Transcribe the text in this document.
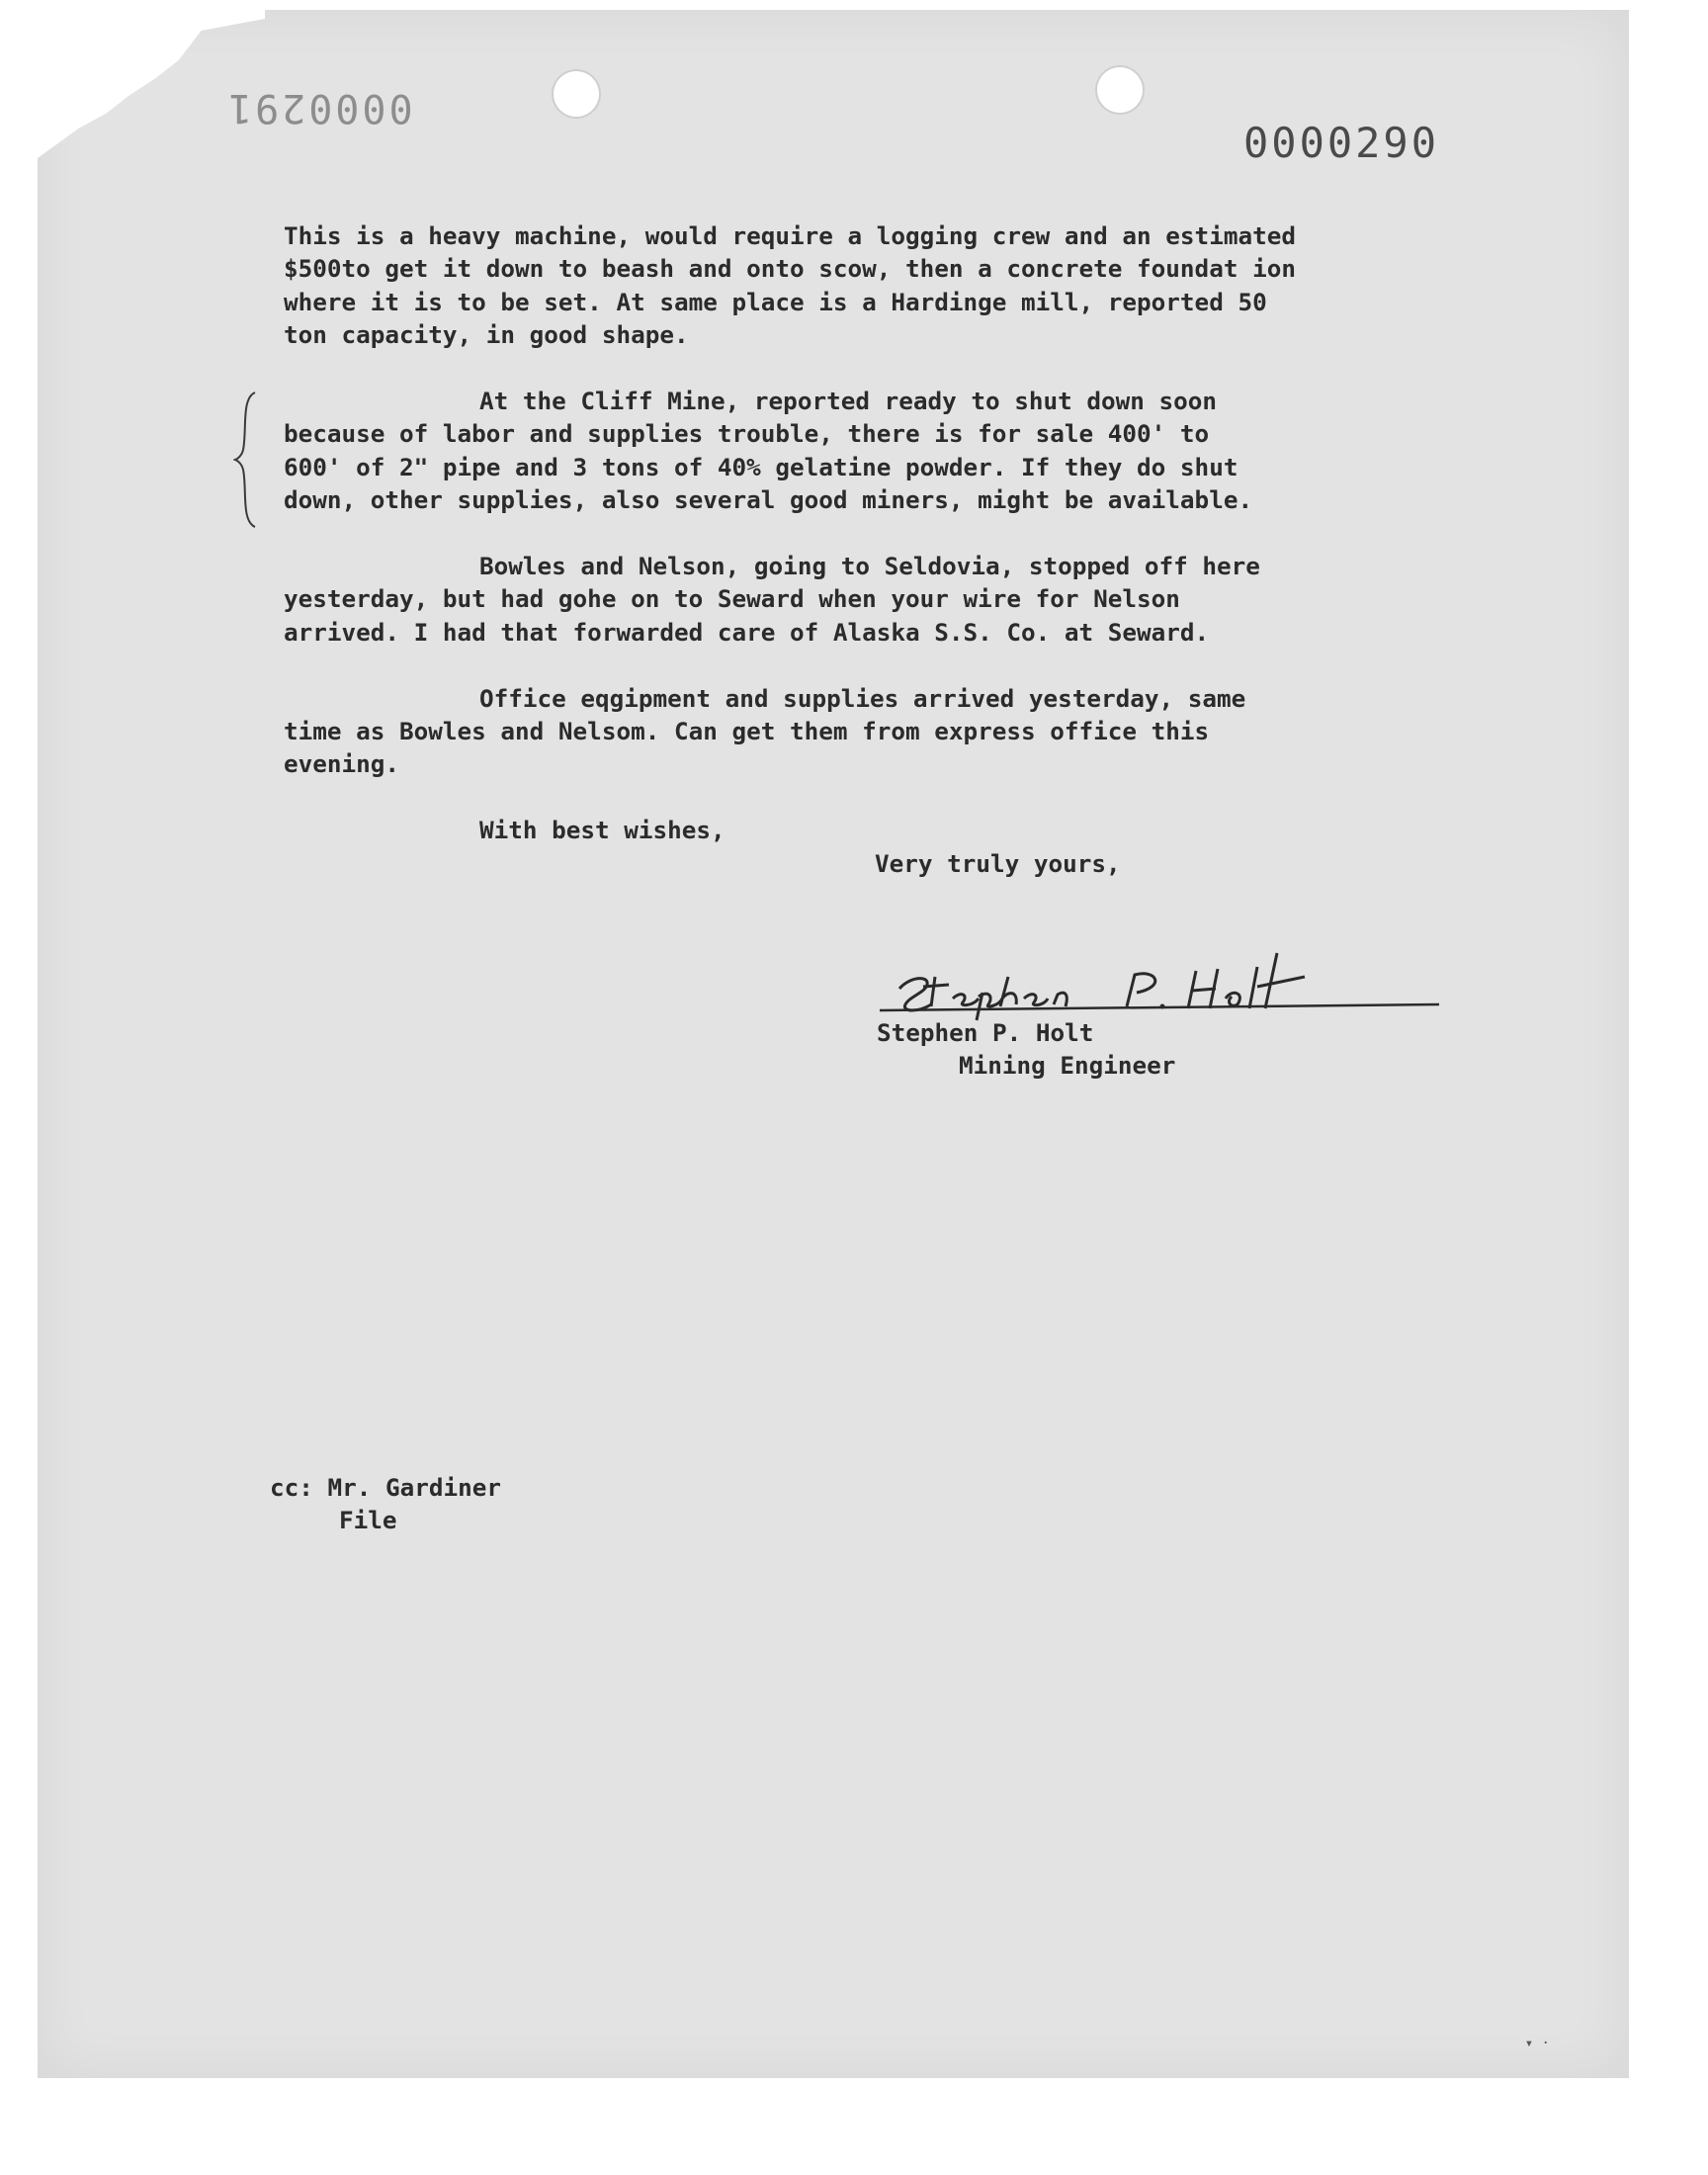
0000291
0000290

This is a heavy machine, would require a logging crew and an estimated
$500to get it down to beash and onto scow, then a concrete foundat ion
where it is to be set. At same place is a Hardinge mill, reported 50
ton capacity, in good shape.

At the Cliff Mine, reported ready to shut down soon
because of labor and supplies trouble, there is for sale 400' to
600' of 2" pipe and 3 tons of 40% gelatine powder. If they do shut
down, other supplies, also several good miners, might be available.

Bowles and Nelson, going to Seldovia, stopped off here
yesterday, but had gohe on to Seward when your wire for Nelson
arrived. I had that forwarded care of Alaska S.S. Co. at Seward.

Office eqgipment and supplies arrived yesterday, same
time as Bowles and Nelsom. Can get them from express office this
evening.

With best wishes,

Very truly yours,

Stephen P. Holt
Mining Engineer
cc: Mr. Gardiner
File
▾ ·
